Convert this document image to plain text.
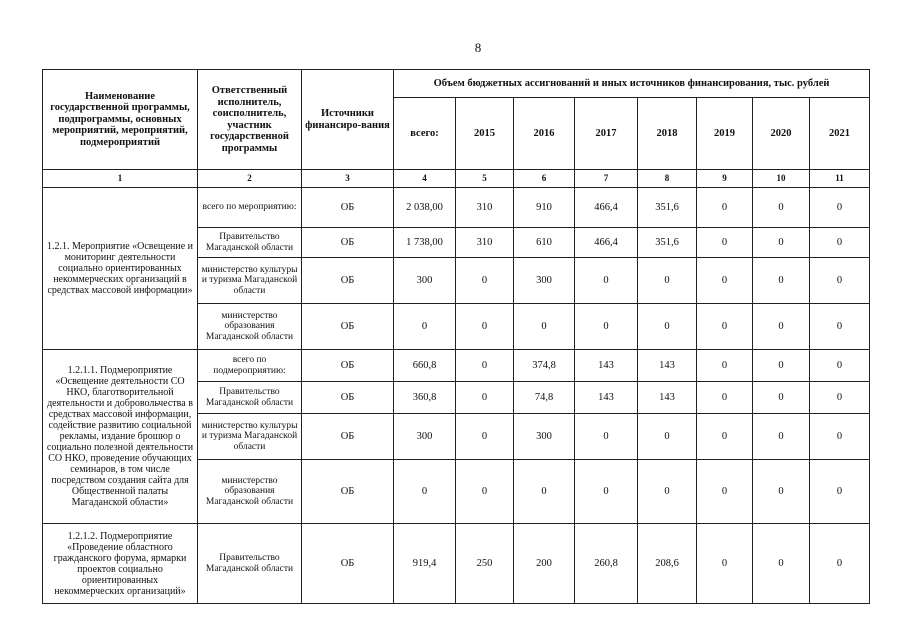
8
Наименование государственной программы, подпрограммы, основных мероприятий, мероприятий, подмероприятий	Ответственный исполнитель, соисполнитель, участник государственной программы	Источники финансиро-вания	Объем бюджетных ассигнований и иных источников финансирования, тыс. рублей							
			всего:	2015	2016	2017	2018	2019	2020	2021
1	2	3	4	5	6	7	8	9	10	11
1.2.1. Мероприятие «Освещение и мониторинг деятельности социально ориентированных некоммерческих организаций в средствах массовой информации»	всего по мероприятию:	ОБ	2 038,00	310	910	466,4	351,6	0	0	0
	Правительство Магаданской области	ОБ	1 738,00	310	610	466,4	351,6	0	0	0
	министерство культуры и туризма Магаданской области	ОБ	300	0	300	0	0	0	0	0
	министерство образования Магаданской области	ОБ	0	0	0	0	0	0	0	0
1.2.1.1. Подмероприятие «Освещение деятельности СО НКО, благотворительной деятельности и добровольчества в средствах массовой информации, содействие развитию социальной рекламы, издание брошюр о социально полезной деятельности СО НКО, проведение обучающих семинаров, в том числе посредством создания сайта для Общественной палаты Магаданской области»	всего по подмероприятию:	ОБ	660,8	0	374,8	143	143	0	0	0
	Правительство Магаданской области	ОБ	360,8	0	74,8	143	143	0	0	0
	министерство культуры и туризма Магаданской области	ОБ	300	0	300	0	0	0	0	0
	министерство образования Магаданской области	ОБ	0	0	0	0	0	0	0	0
1.2.1.2. Подмероприятие «Проведение областного гражданского форума, ярмарки проектов социально ориентированных некоммерческих организаций»	Правительство Магаданской области	ОБ	919,4	250	200	260,8	208,6	0	0	0
